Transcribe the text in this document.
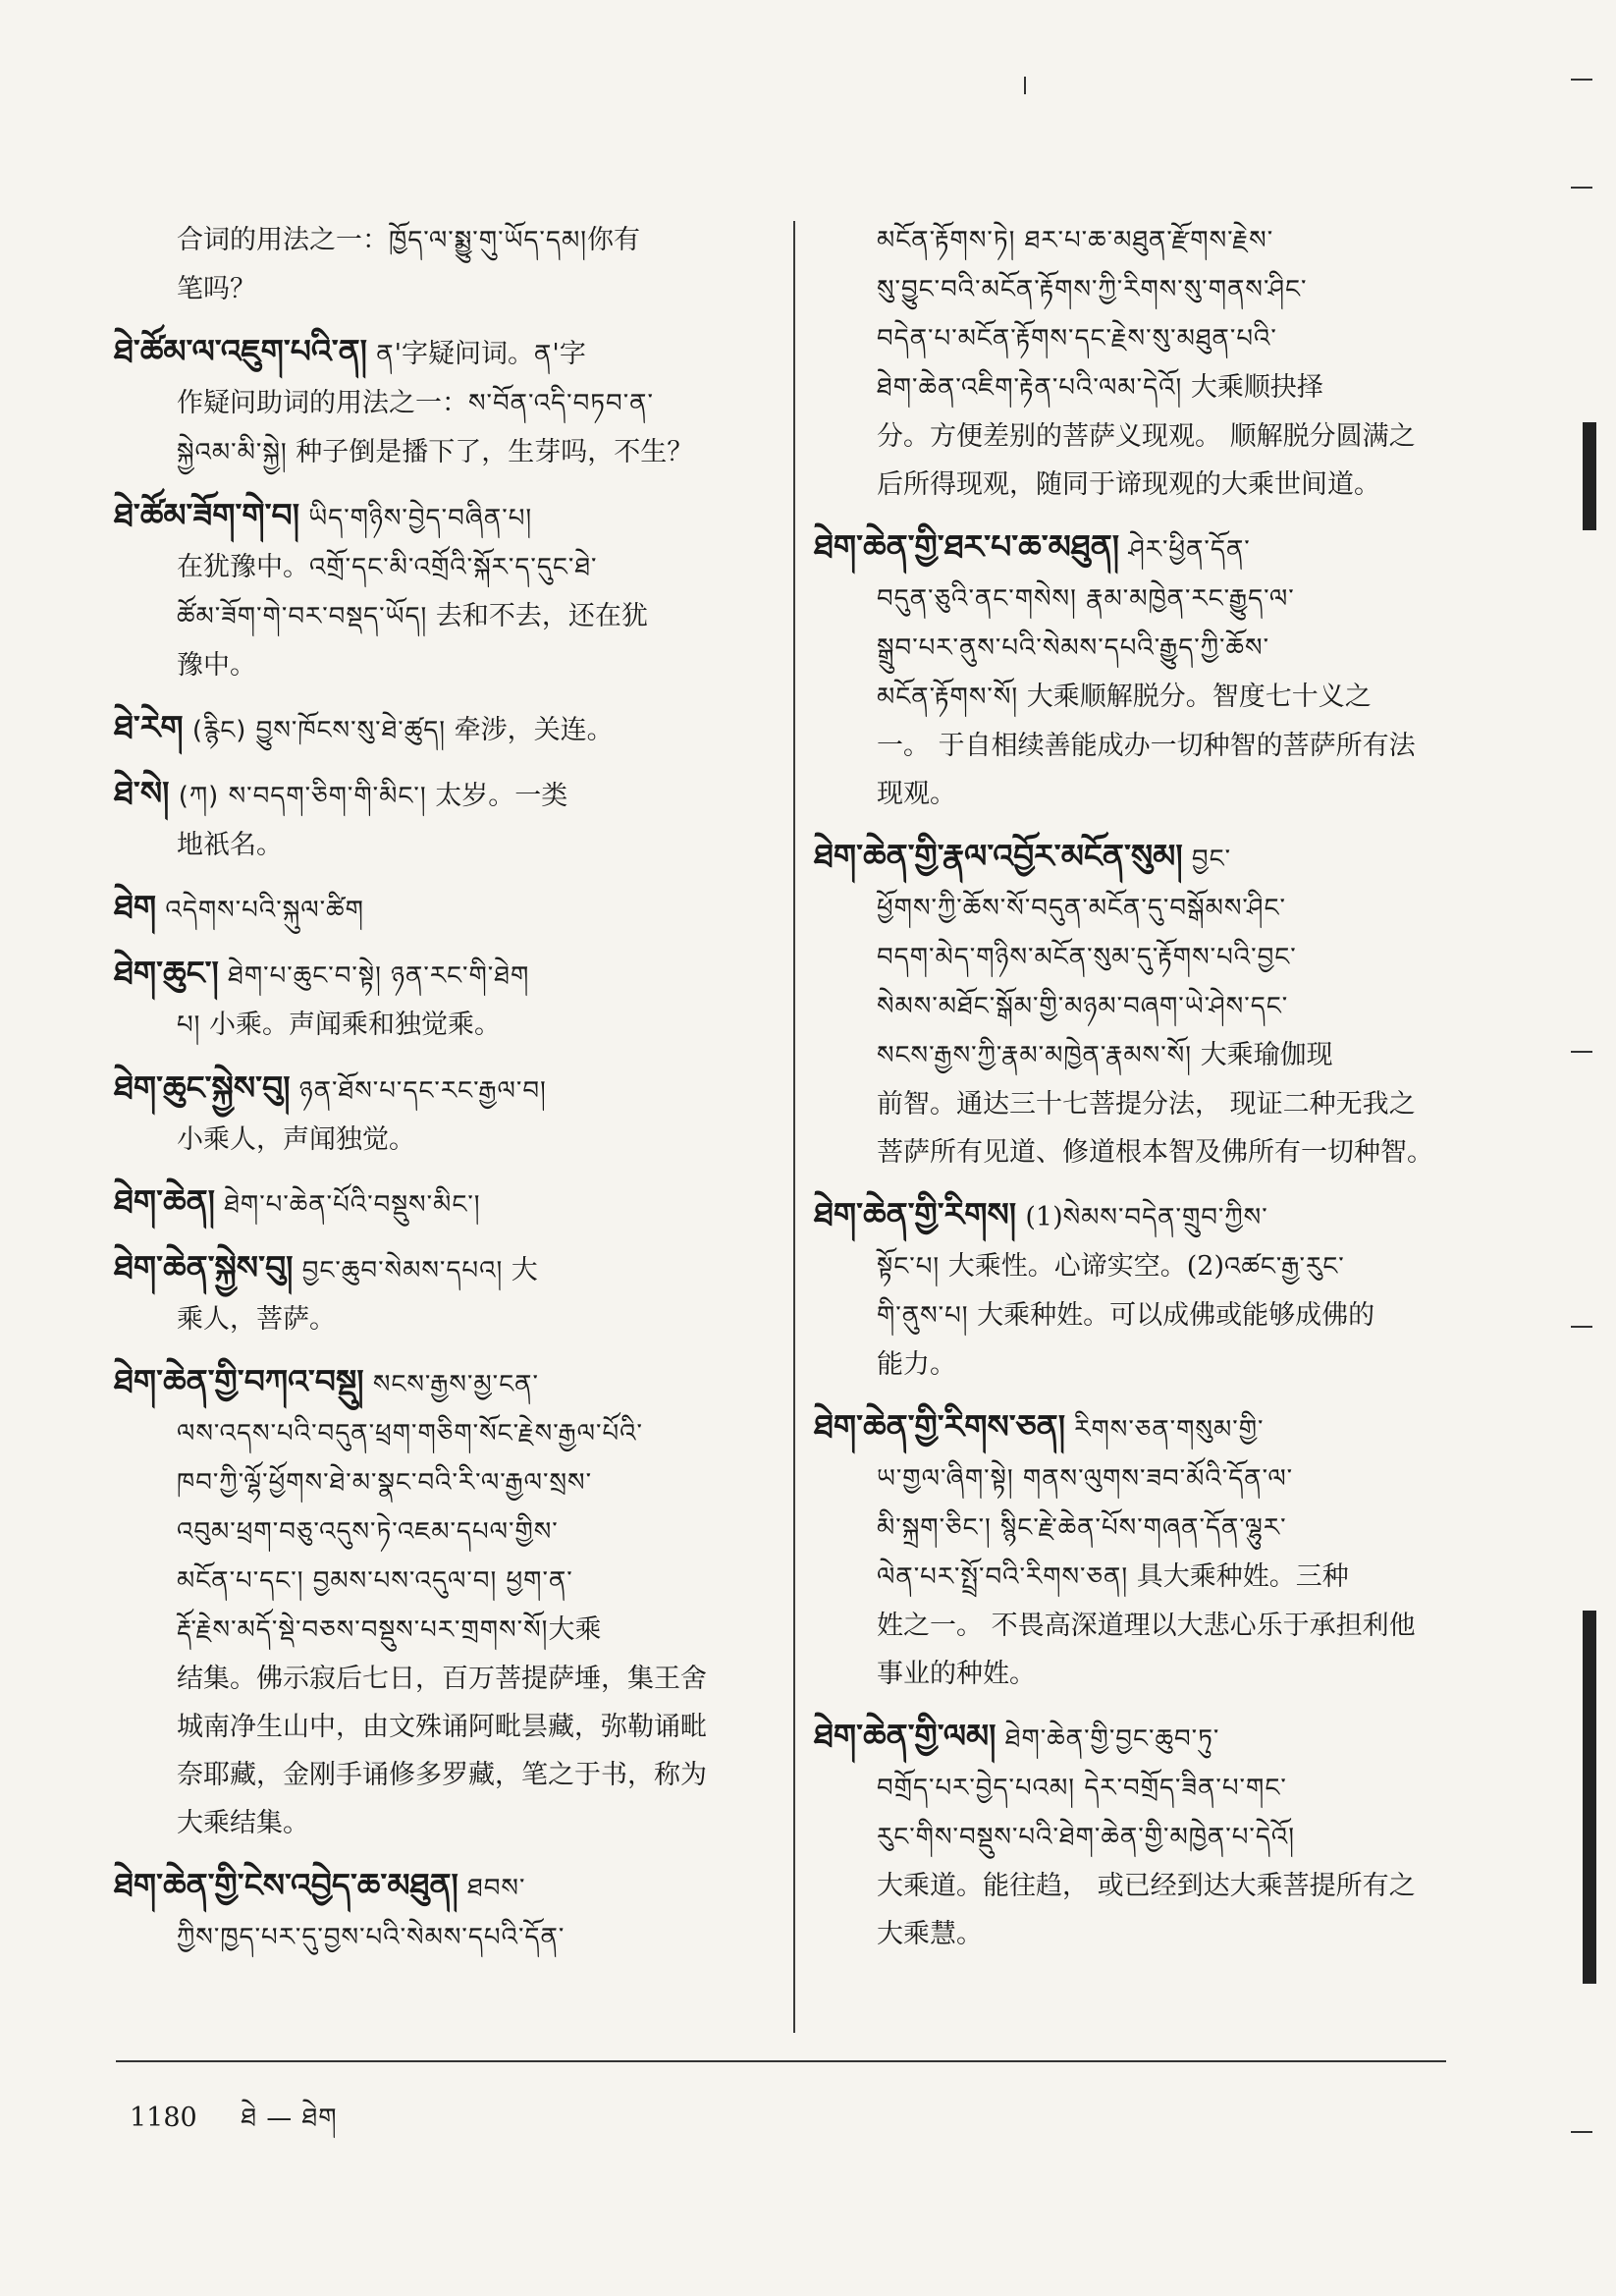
合词的用法之一：ཁྱོད་ལ་སྨྱུ་གུ་ཡོད་དམ།你有
笔吗？
ཐེ་ཚོམ་ལ་འཇུག་པའི་ན། ན'字疑问词。ན'字
作疑问助词的用法之一：ས་བོན་འདི་བཏབ་ན་
སྐྱེའམ་མི་སྐྱེ། 种子倒是播下了，生芽吗，不生？
ཐེ་ཚོམ་ཟོག་གེ་བ། ཡིད་གཉིས་བྱེད་བཞིན་པ།
在犹豫中。འགྲོ་དང་མི་འགྲོའི་སྐོར་ད་དུང་ཐེ་
ཚོམ་ཟོག་གེ་བར་བསྡད་ཡོད། 去和不去，还在犹
豫中。
ཐེ་རེག (རྙིང) བྱུས་ཁོངས་སུ་ཐེ་ཚུད། 牵涉，关连。
ཐེ་སེ། (ཀ) ས་བདག་ཅིག་གི་མིང་། 太岁。一类
地祇名。
ཐེག འདེགས་པའི་སྐུལ་ཚིག
ཐེག་ཆུང་། ཐེག་པ་ཆུང་བ་སྟེ། ཉན་རང་གི་ཐེག
པ། 小乘。声闻乘和独觉乘。
ཐེག་ཆུང་སྐྱེས་བུ། ཉན་ཐོས་པ་དང་རང་རྒྱལ་བ།
小乘人，声闻独觉。
ཐེག་ཆེན། ཐེག་པ་ཆེན་པོའི་བསྡུས་མིང་།
ཐེག་ཆེན་སྐྱེས་བུ། བྱང་ཆུབ་སེམས་དཔའ། 大
乘人，菩萨。
ཐེག་ཆེན་གྱི་བཀའ་བསྡུ། སངས་རྒྱས་མྱ་ངན་
ལས་འདས་པའི་བདུན་ཕྲག་གཅིག་སོང་རྗེས་རྒྱལ་པོའི་
ཁབ་ཀྱི་ལྷོ་ཕྱོགས་ཐེ་མ་སྣང་བའི་རི་ལ་རྒྱལ་སྲས་
འབུམ་ཕྲག་བཅུ་འདུས་ཏེ་འཇམ་དཔལ་གྱིས་
མངོན་པ་དང་། བྱམས་པས་འདུལ་བ། ཕྱག་ན་
རྡོ་རྗེས་མདོ་སྡེ་བཅས་བསྡུས་པར་གྲགས་སོ།大乘
结集。佛示寂后七日，百万菩提萨埵，集王舍
城南净生山中，由文殊诵阿毗昙藏，弥勒诵毗
奈耶藏，金刚手诵修多罗藏，笔之于书，称为
大乘结集。
ཐེག་ཆེན་གྱི་ངེས་འབྱེད་ཆ་མཐུན། ཐབས་
ཀྱིས་ཁྱད་པར་དུ་བྱས་པའི་སེམས་དཔའི་དོན་
མངོན་རྟོགས་ཏེ། ཐར་པ་ཆ་མཐུན་རྫོགས་རྗེས་
སུ་བྱུང་བའི་མངོན་རྟོགས་ཀྱི་རིགས་སུ་གནས་ཤིང་
བདེན་པ་མངོན་རྟོགས་དང་རྗེས་སུ་མཐུན་པའི་
ཐེག་ཆེན་འཇིག་རྟེན་པའི་ལམ་དེའོ། 大乘顺抉择
分。方便差别的菩萨义现观。 顺解脱分圆满之
后所得现观，随同于谛现观的大乘世间道。
ཐེག་ཆེན་གྱི་ཐར་པ་ཆ་མཐུན། ཤེར་ཕྱིན་དོན་
བདུན་ཅུའི་ནང་གསེས། རྣམ་མཁྱེན་རང་རྒྱུད་ལ་
སྒྲུབ་པར་ནུས་པའི་སེམས་དཔའི་རྒྱུད་ཀྱི་ཆོས་
མངོན་རྟོགས་སོ། 大乘顺解脱分。智度七十义之
一。 于自相续善能成办一切种智的菩萨所有法
现观。
ཐེག་ཆེན་གྱི་རྣལ་འབྱོར་མངོན་སུམ། བྱང་
ཕྱོགས་ཀྱི་ཆོས་སོ་བདུན་མངོན་དུ་བསྒོམས་ཤིང་
བདག་མེད་གཉིས་མངོན་སུམ་དུ་རྟོགས་པའི་བྱང་
སེམས་མཐོང་སྒོམ་གྱི་མཉམ་བཞག་ཡེ་ཤེས་དང་
སངས་རྒྱས་ཀྱི་རྣམ་མཁྱེན་རྣམས་སོ། 大乘瑜伽现
前智。通达三十七菩提分法， 现证二种无我之
菩萨所有见道、修道根本智及佛所有一切种智。
ཐེག་ཆེན་གྱི་རིགས། (1)སེམས་བདེན་གྲུབ་ཀྱིས་
སྟོང་པ། 大乘性。心谛实空。(2)འཚང་རྒྱ་རུང་
གི་ནུས་པ། 大乘种姓。可以成佛或能够成佛的
能力。
ཐེག་ཆེན་གྱི་རིགས་ཅན། རིགས་ཅན་གསུམ་གྱི་
ཡ་གྱལ་ཞིག་སྟེ། གནས་ལུགས་ཟབ་མོའི་དོན་ལ་
མི་སྐྲག་ཅིང་། སྙིང་རྗེ་ཆེན་པོས་གཞན་དོན་ལྷུར་
ལེན་པར་སྤྲོ་བའི་རིགས་ཅན། 具大乘种姓。三种
姓之一。 不畏高深道理以大悲心乐于承担利他
事业的种姓。
ཐེག་ཆེན་གྱི་ལམ། ཐེག་ཆེན་གྱི་བྱང་ཆུབ་ཏུ་
བགྲོད་པར་བྱེད་པའམ། དེར་བགྲོད་ཟིན་པ་གང་
རུང་གིས་བསྡུས་པའི་ཐེག་ཆེན་གྱི་མཁྱེན་པ་དེའོ།
大乘道。能往趋， 或已经到达大乘菩提所有之
大乘慧。
1180 ཐེ — ཐེག
